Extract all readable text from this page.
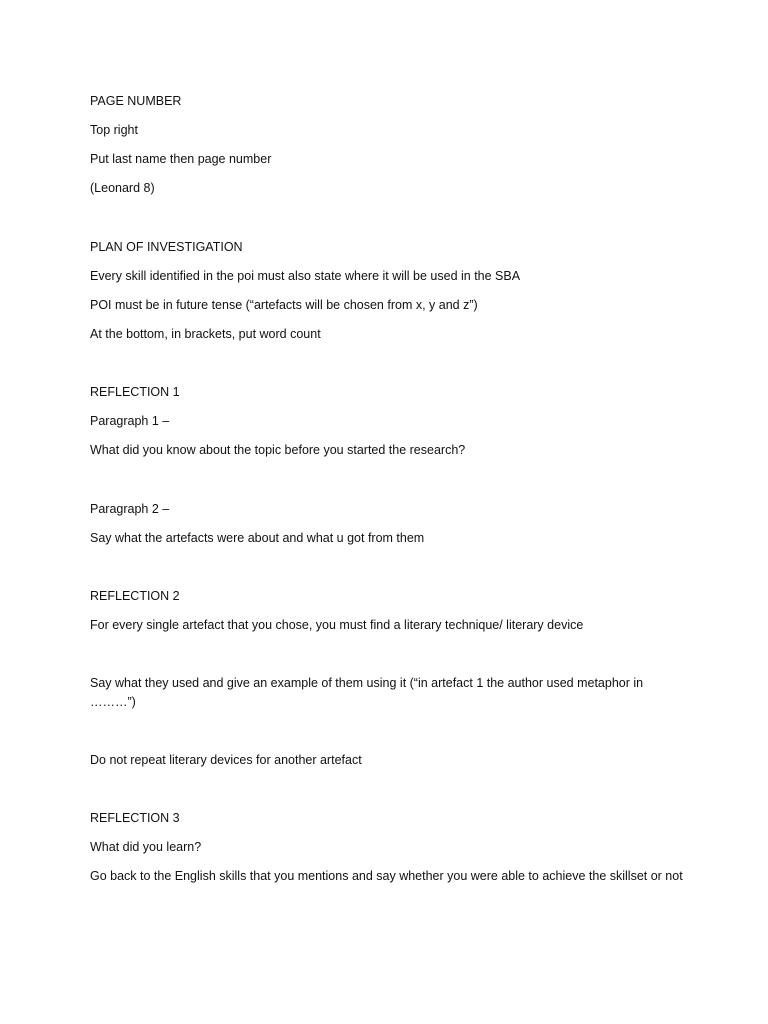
PAGE NUMBER
Top right
Put last name then page number
(Leonard 8)
PLAN OF INVESTIGATION
Every skill identified in the poi must also state where it will be used in the SBA
POI must be in future tense (“artefacts will be chosen from x, y and z”)
At the bottom, in brackets, put word count
REFLECTION 1
Paragraph 1 –
What did you know about the topic before you started the research?
Paragraph 2 –
Say what the artefacts were about and what u got from them
REFLECTION 2
For every single artefact that you chose, you must find a literary technique/ literary device
Say what they used and give an example of them using it (“in artefact 1 the author used metaphor in ………”)
Do not repeat literary devices for another artefact
REFLECTION 3
What did you learn?
Go back to the English skills that you mentions and say whether you were able to achieve the skillset or not
